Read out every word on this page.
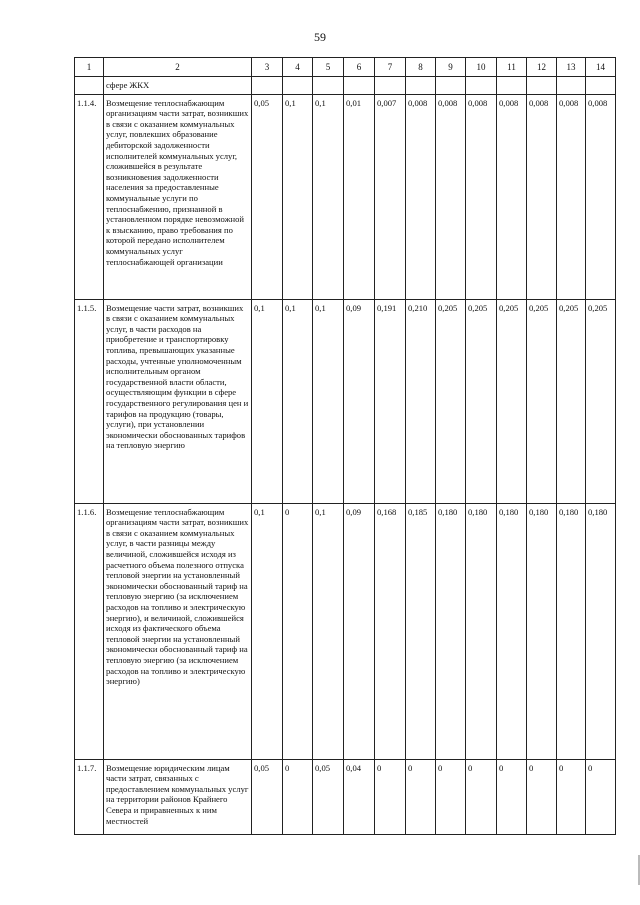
59
1	2	3	4	5	6	7	8	9	10	11	12	13	14
	сфере ЖКХ												
1.1.4.	Возмещение теплоснабжающим организациям части затрат, возникших в связи с оказанием коммунальных услуг, повлекших образование дебиторской задолженности исполнителей коммунальных услуг, сложившейся в результате возникновения задолженности населения за предоставленные коммунальные услуги по теплоснабжению, признанной в установленном порядке невозможной к взысканию, право требования по которой передано исполнителем коммунальных услуг теплоснабжающей организации	0,05	0,1	0,1	0,01	0,007	0,008	0,008	0,008	0,008	0,008	0,008	0,008
1.1.5.	Возмещение части затрат, возникших в связи с оказанием коммунальных услуг, в части расходов на приобретение и транспортировку топлива, превышающих указанные расходы, учтенные уполномоченным исполнительным органом государственной власти области, осуществляющим функции в сфере государственного регулирования цен и тарифов на продукцию (товары, услуги), при установлении экономически обоснованных тарифов на тепловую энергию	0,1	0,1	0,1	0,09	0,191	0,210	0,205	0,205	0,205	0,205	0,205	0,205
1.1.6.	Возмещение теплоснабжающим организациям части затрат, возникших в связи с оказанием коммунальных услуг, в части разницы между величиной, сложившейся исходя из расчетного объема полезного отпуска тепловой энергии на установленный экономически обоснованный тариф на тепловую энергию (за исключением расходов на топливо и электрическую энергию), и величиной, сложившейся исходя из фактического объема тепловой энергии на установленный экономически обоснованный тариф на тепловую энергию (за исключением расходов на топливо и электрическую энергию)	0,1	0	0,1	0,09	0,168	0,185	0,180	0,180	0,180	0,180	0,180	0,180
1.1.7.	Возмещение юридическим лицам части затрат, связанных с предоставлением коммунальных услуг на территории районов Крайнего Севера и приравненных к ним местностей	0,05	0	0,05	0,04	0	0	0	0	0	0	0	0
